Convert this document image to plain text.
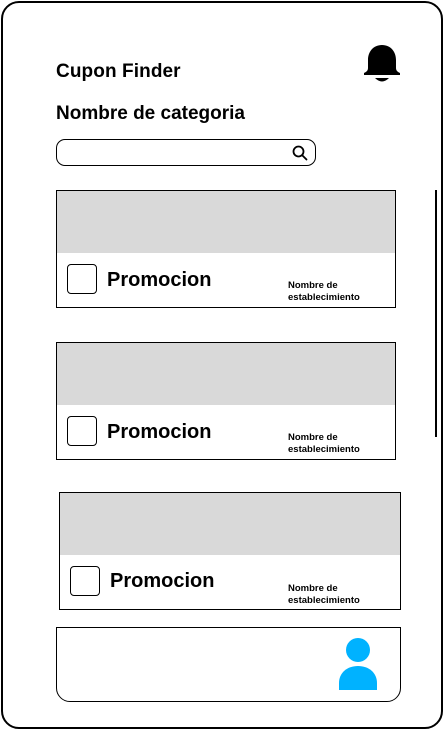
Cupon Finder
Nombre de categoria
Promocion	Nombre de establecimiento
Promocion	Nombre de establecimiento
Promocion	Nombre de establecimiento
